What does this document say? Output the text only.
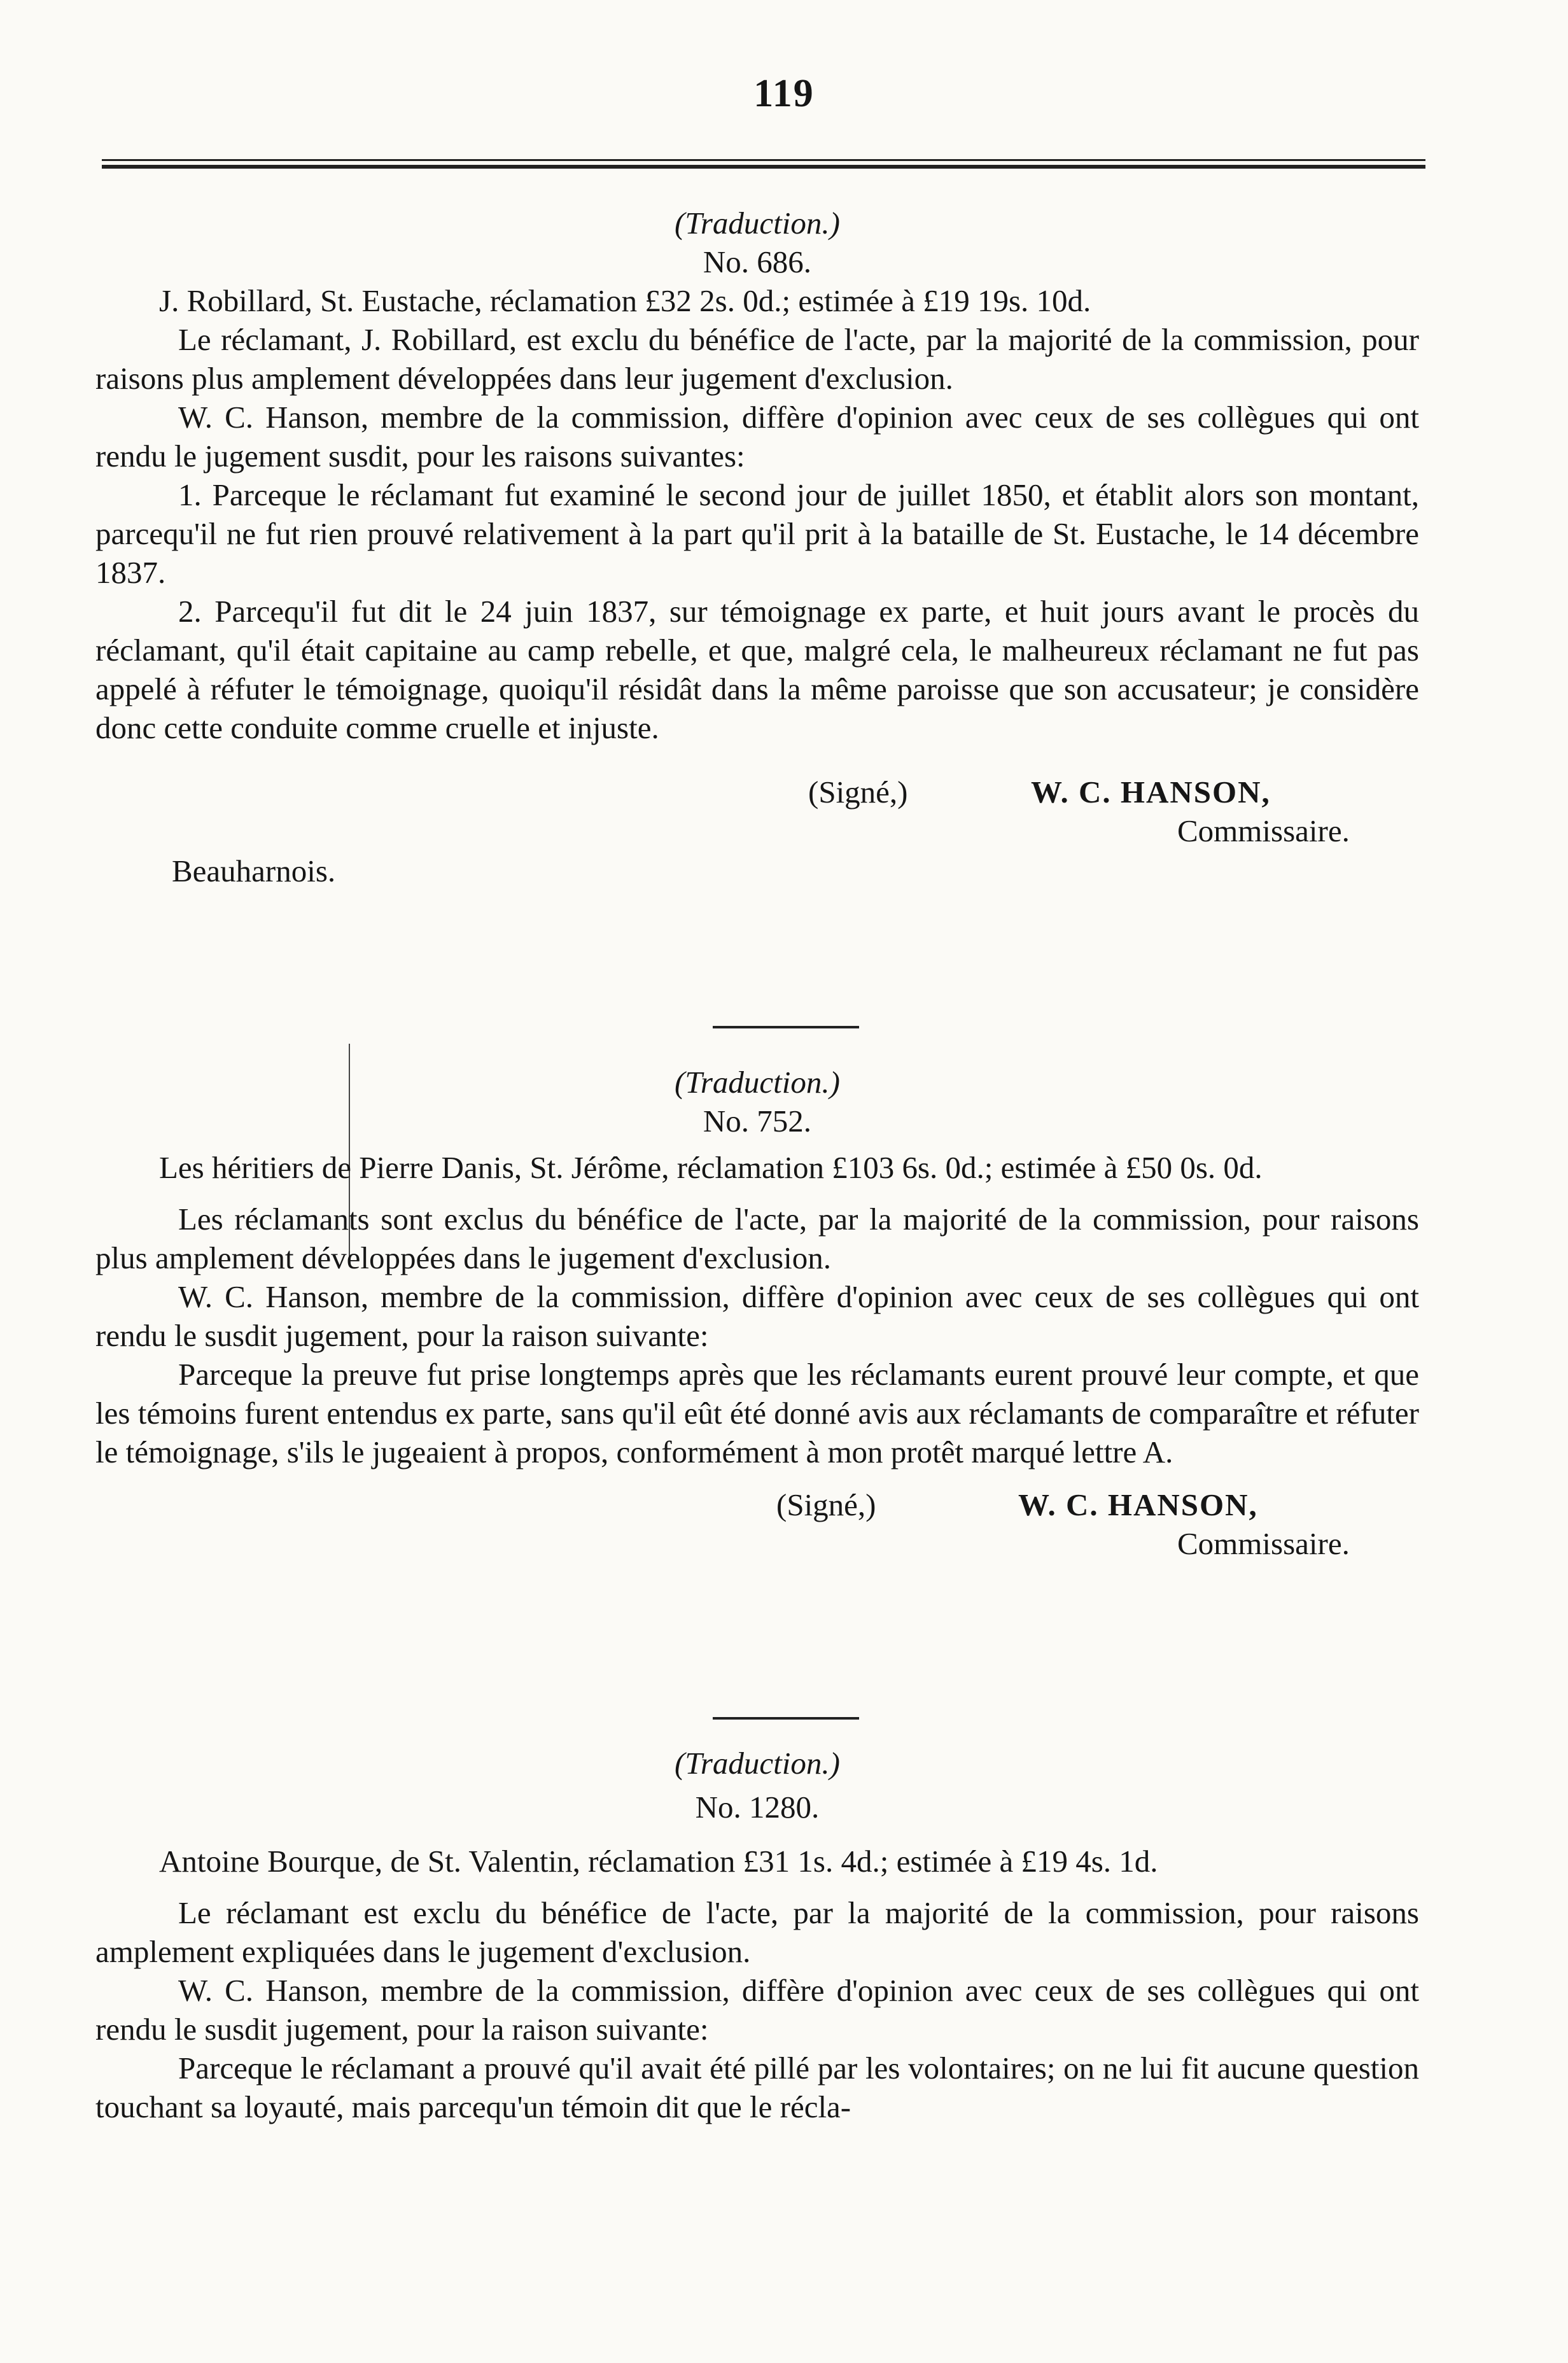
119
(Traduction.)
No. 686.
J. Robillard, St. Eustache, réclamation £32 2s. 0d.; estimée à £19 19s. 10d.
Le réclamant, J. Robillard, est exclu du bénéfice de l'acte, par la majorité de la commission, pour raisons plus amplement développées dans leur jugement d'exclusion.
W. C. Hanson, membre de la commission, diffère d'opinion avec ceux de ses collègues qui ont rendu le jugement susdit, pour les raisons suivantes:
1. Parceque le réclamant fut examiné le second jour de juillet 1850, et établit alors son montant, parcequ'il ne fut rien prouvé relativement à la part qu'il prit à la bataille de St. Eustache, le 14 décembre 1837.
2. Parcequ'il fut dit le 24 juin 1837, sur témoignage ex parte, et huit jours avant le procès du réclamant, qu'il était capitaine au camp rebelle, et que, malgré cela, le malheureux réclamant ne fut pas appelé à réfuter le témoignage, quoiqu'il résidât dans la même paroisse que son accusateur; je considère donc cette conduite comme cruelle et injuste.
(Signé,)	W. C. HANSON,
Commissaire.
Beauharnois.
(Traduction.)
No. 752.
Les héritiers de Pierre Danis, St. Jérôme, réclamation £103 6s. 0d.; estimée à £50 0s. 0d.
Les réclamants sont exclus du bénéfice de l'acte, par la majorité de la commission, pour raisons plus amplement développées dans le jugement d'exclusion.
W. C. Hanson, membre de la commission, diffère d'opinion avec ceux de ses collègues qui ont rendu le susdit jugement, pour la raison suivante:
Parceque la preuve fut prise longtemps après que les réclamants eurent prouvé leur compte, et que les témoins furent entendus ex parte, sans qu'il eût été donné avis aux réclamants de comparaître et réfuter le témoignage, s'ils le jugeaient à propos, conformément à mon protêt marqué lettre A.
(Signé,)	W. C. HANSON,
Commissaire.
(Traduction.)
No. 1280.
Antoine Bourque, de St. Valentin, réclamation £31 1s. 4d.; estimée à £19 4s. 1d.
Le réclamant est exclu du bénéfice de l'acte, par la majorité de la commission, pour raisons amplement expliquées dans le jugement d'exclusion.
W. C. Hanson, membre de la commission, diffère d'opinion avec ceux de ses collègues qui ont rendu le susdit jugement, pour la raison suivante:
Parceque le réclamant a prouvé qu'il avait été pillé par les volontaires; on ne lui fit aucune question touchant sa loyauté, mais parcequ'un témoin dit que le récla-
